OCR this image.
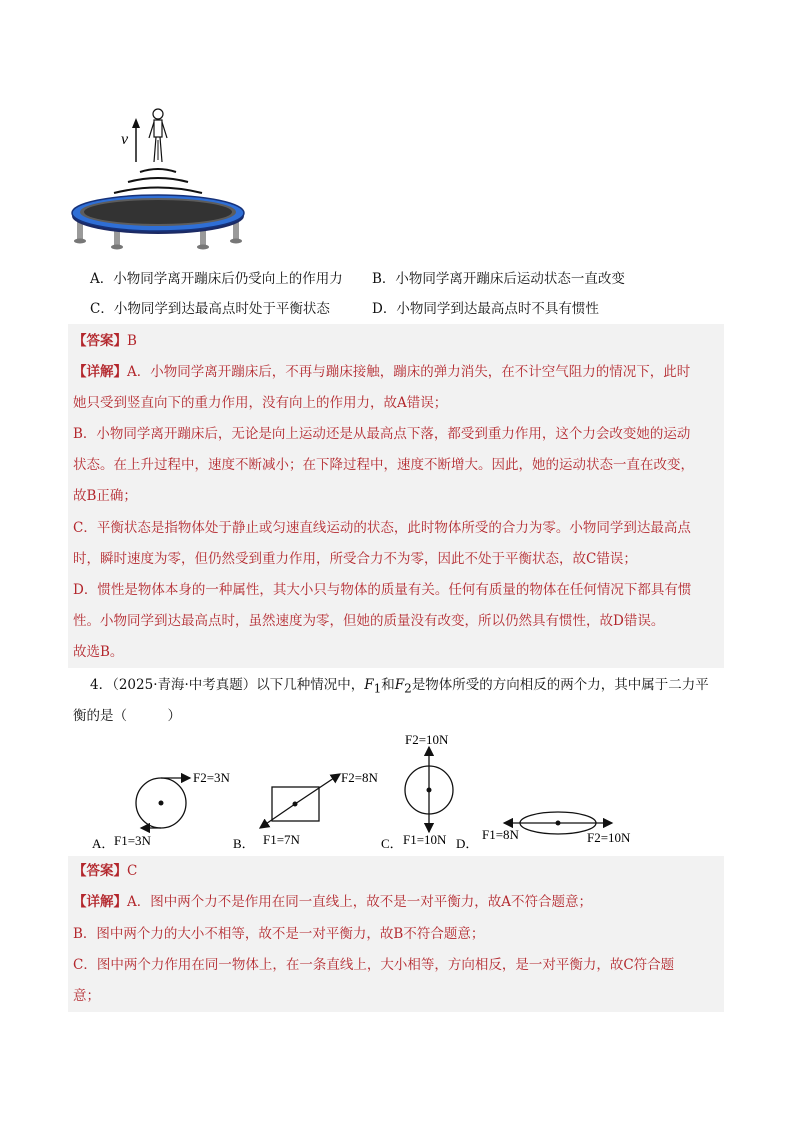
v
A．小物同学离开蹦床后仍受向上的作用力 B．小物同学离开蹦床后运动状态一直改变
C．小物同学到达最高点时处于平衡状态	D．小物同学到达最高点时不具有惯性
【答案】B
【详解】A．小物同学离开蹦床后，不再与蹦床接触，蹦床的弹力消失，在不计空气阻力的情况下，此时
她只受到竖直向下的重力作用，没有向上的作用力，故A错误；
B．小物同学离开蹦床后，无论是向上运动还是从最高点下落，都受到重力作用，这个力会改变她的运动
状态。在上升过程中，速度不断减小；在下降过程中，速度不断增大。因此，她的运动状态一直在改变，
故B正确；
C．平衡状态是指物体处于静止或匀速直线运动的状态，此时物体所受的合力为零。小物同学到达最高点
时，瞬时速度为零，但仍然受到重力作用，所受合力不为零，因此不处于平衡状态，故C错误；
D．惯性是物体本身的一种属性，其大小只与物体的质量有关。任何有质量的物体在任何情况下都具有惯
性。小物同学到达最高点时，虽然速度为零，但她的质量没有改变，所以仍然具有惯性，故D错误。
故选B。
4．（2025·青海·中考真题）以下几种情况中，$F_1$和$F_2$是物体所受的方向相反的两个力，其中属于二力平
衡的是（　　　）
F2=3N
F1=3N
A．
F2=8N
F1=7N
B．
F2=10N
F1=10N
C．
F1=8N	F2=10N
D．
【答案】C
【详解】A．图中两个力不是作用在同一直线上，故不是一对平衡力，故A不符合题意；
B．图中两个力的大小不相等，故不是一对平衡力，故B不符合题意；
C．图中两个力作用在同一物体上，在一条直线上，大小相等，方向相反，是一对平衡力，故C符合题
意；
